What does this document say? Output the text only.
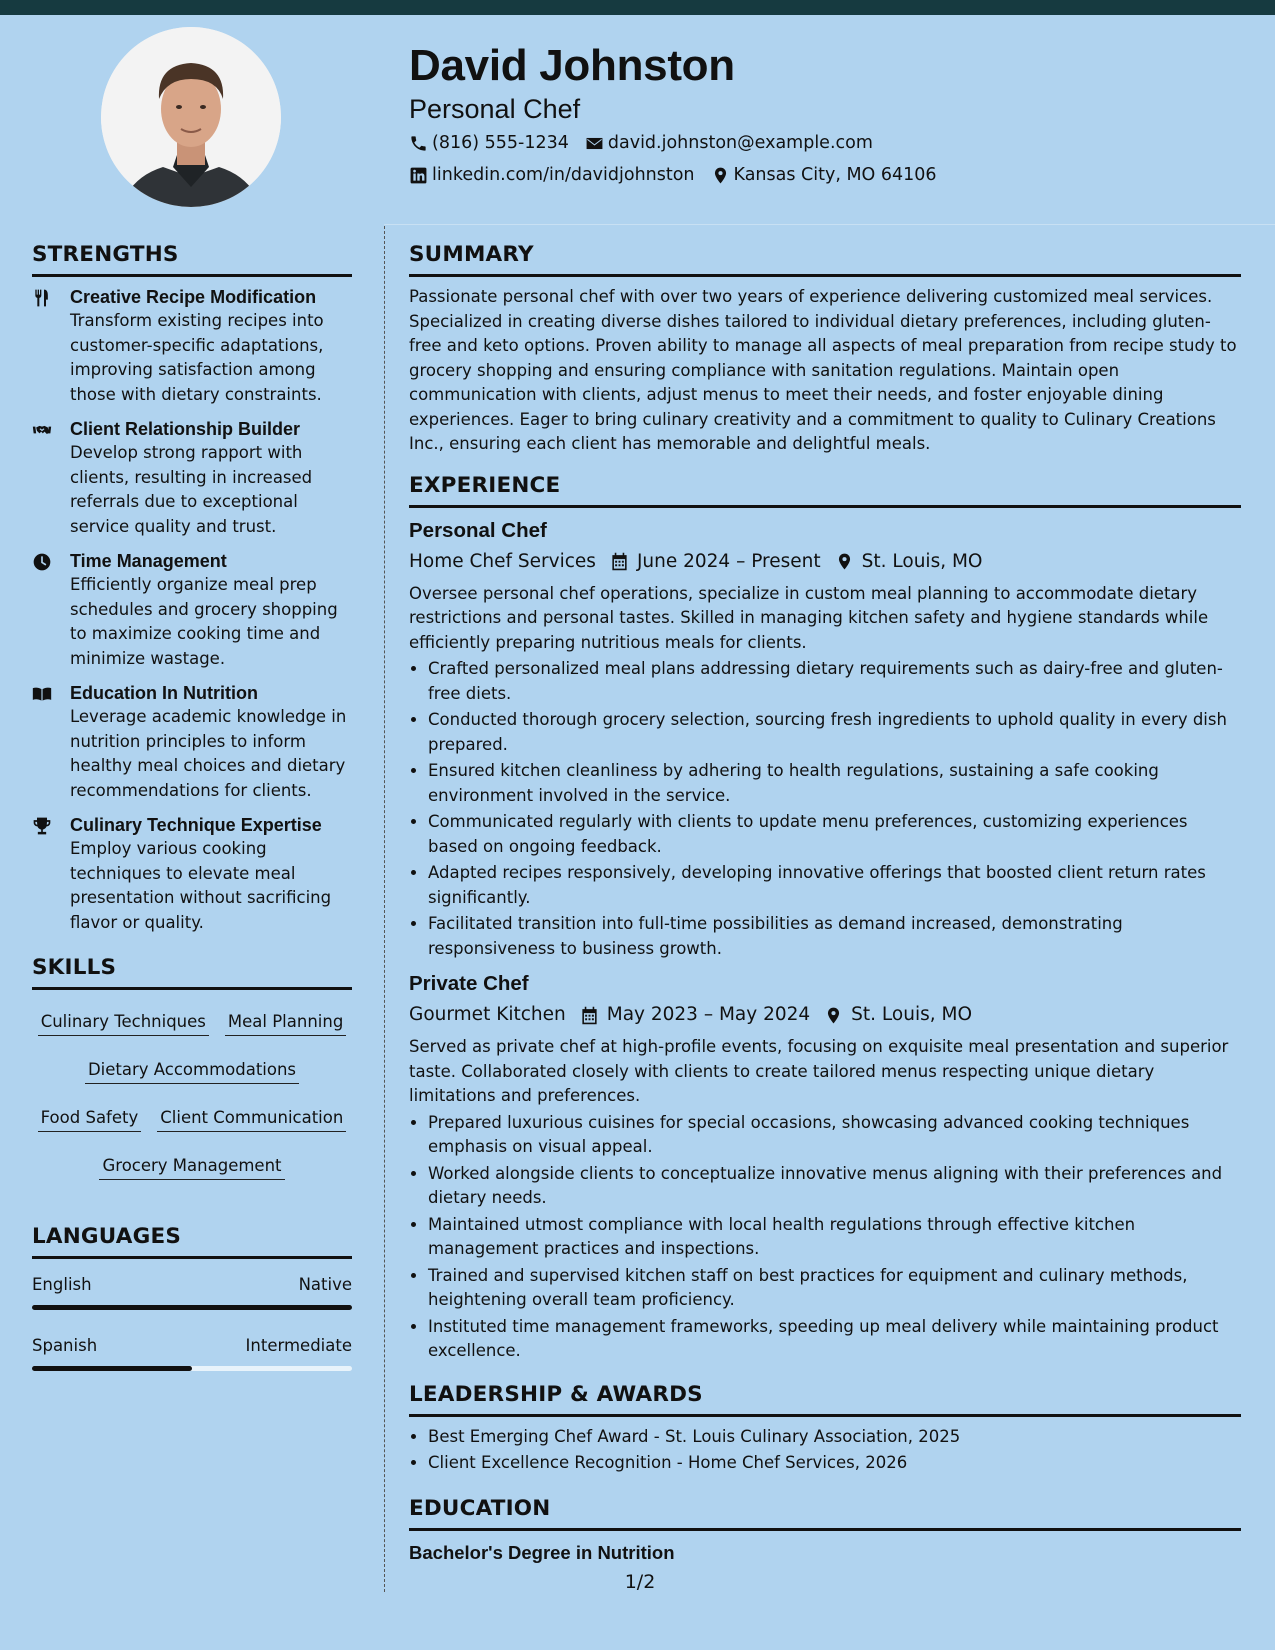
David Johnston
Personal Chef
(816) 555-1234 david.johnston@example.com
linkedin.com/in/davidjohnston Kansas City, MO 64106
STRENGTHS
Creative Recipe Modification
Transform existing recipes into customer-specific adaptations, improving satisfaction among those with dietary constraints.
Client Relationship Builder
Develop strong rapport with clients, resulting in increased referrals due to exceptional service quality and trust.
Time Management
Efficiently organize meal prep schedules and grocery shopping to maximize cooking time and minimize wastage.
Education In Nutrition
Leverage academic knowledge in nutrition principles to inform healthy meal choices and dietary recommendations for clients.
Culinary Technique Expertise
Employ various cooking techniques to elevate meal presentation without sacrificing flavor or quality.
SKILLS
Culinary Techniques Meal Planning
Dietary Accommodations
Food Safety Client Communication
Grocery Management
LANGUAGES
English	Native
Spanish	Intermediate
SUMMARY

Passionate personal chef with over two years of experience delivering customized meal services. Specialized in creating diverse dishes tailored to individual dietary preferences, including gluten-free and keto options. Proven ability to manage all aspects of meal preparation from recipe study to grocery shopping and ensuring compliance with sanitation regulations. Maintain open communication with clients, adjust menus to meet their needs, and foster enjoyable dining experiences. Eager to bring culinary creativity and a commitment to quality to Culinary Creations Inc., ensuring each client has memorable and delightful meals.

EXPERIENCE
Personal Chef
Home Chef Services June 2024 – Present St. Louis, MO

Oversee personal chef operations, specialize in custom meal planning to accommodate dietary restrictions and personal tastes. Skilled in managing kitchen safety and hygiene standards while efficiently preparing nutritious meals for clients.

• Crafted personalized meal plans addressing dietary requirements such as dairy-free and gluten-free diets.
• Conducted thorough grocery selection, sourcing fresh ingredients to uphold quality in every dish prepared.
• Ensured kitchen cleanliness by adhering to health regulations, sustaining a safe cooking environment involved in the service.
• Communicated regularly with clients to update menu preferences, customizing experiences based on ongoing feedback.
• Adapted recipes responsively, developing innovative offerings that boosted client return rates significantly.
• Facilitated transition into full-time possibilities as demand increased, demonstrating responsiveness to business growth.
Private Chef
Gourmet Kitchen May 2023 – May 2024 St. Louis, MO

Served as private chef at high-profile events, focusing on exquisite meal presentation and superior taste. Collaborated closely with clients to create tailored menus respecting unique dietary limitations and preferences.

• Prepared luxurious cuisines for special occasions, showcasing advanced cooking techniques emphasis on visual appeal.
• Worked alongside clients to conceptualize innovative menus aligning with their preferences and dietary needs.
• Maintained utmost compliance with local health regulations through effective kitchen management practices and inspections.
• Trained and supervised kitchen staff on best practices for equipment and culinary methods, heightening overall team proficiency.
• Instituted time management frameworks, speeding up meal delivery while maintaining product excellence.
LEADERSHIP & AWARDS
• Best Emerging Chef Award - St. Louis Culinary Association, 2025
• Client Excellence Recognition - Home Chef Services, 2026
EDUCATION
Bachelor's Degree in Nutrition
1/2
